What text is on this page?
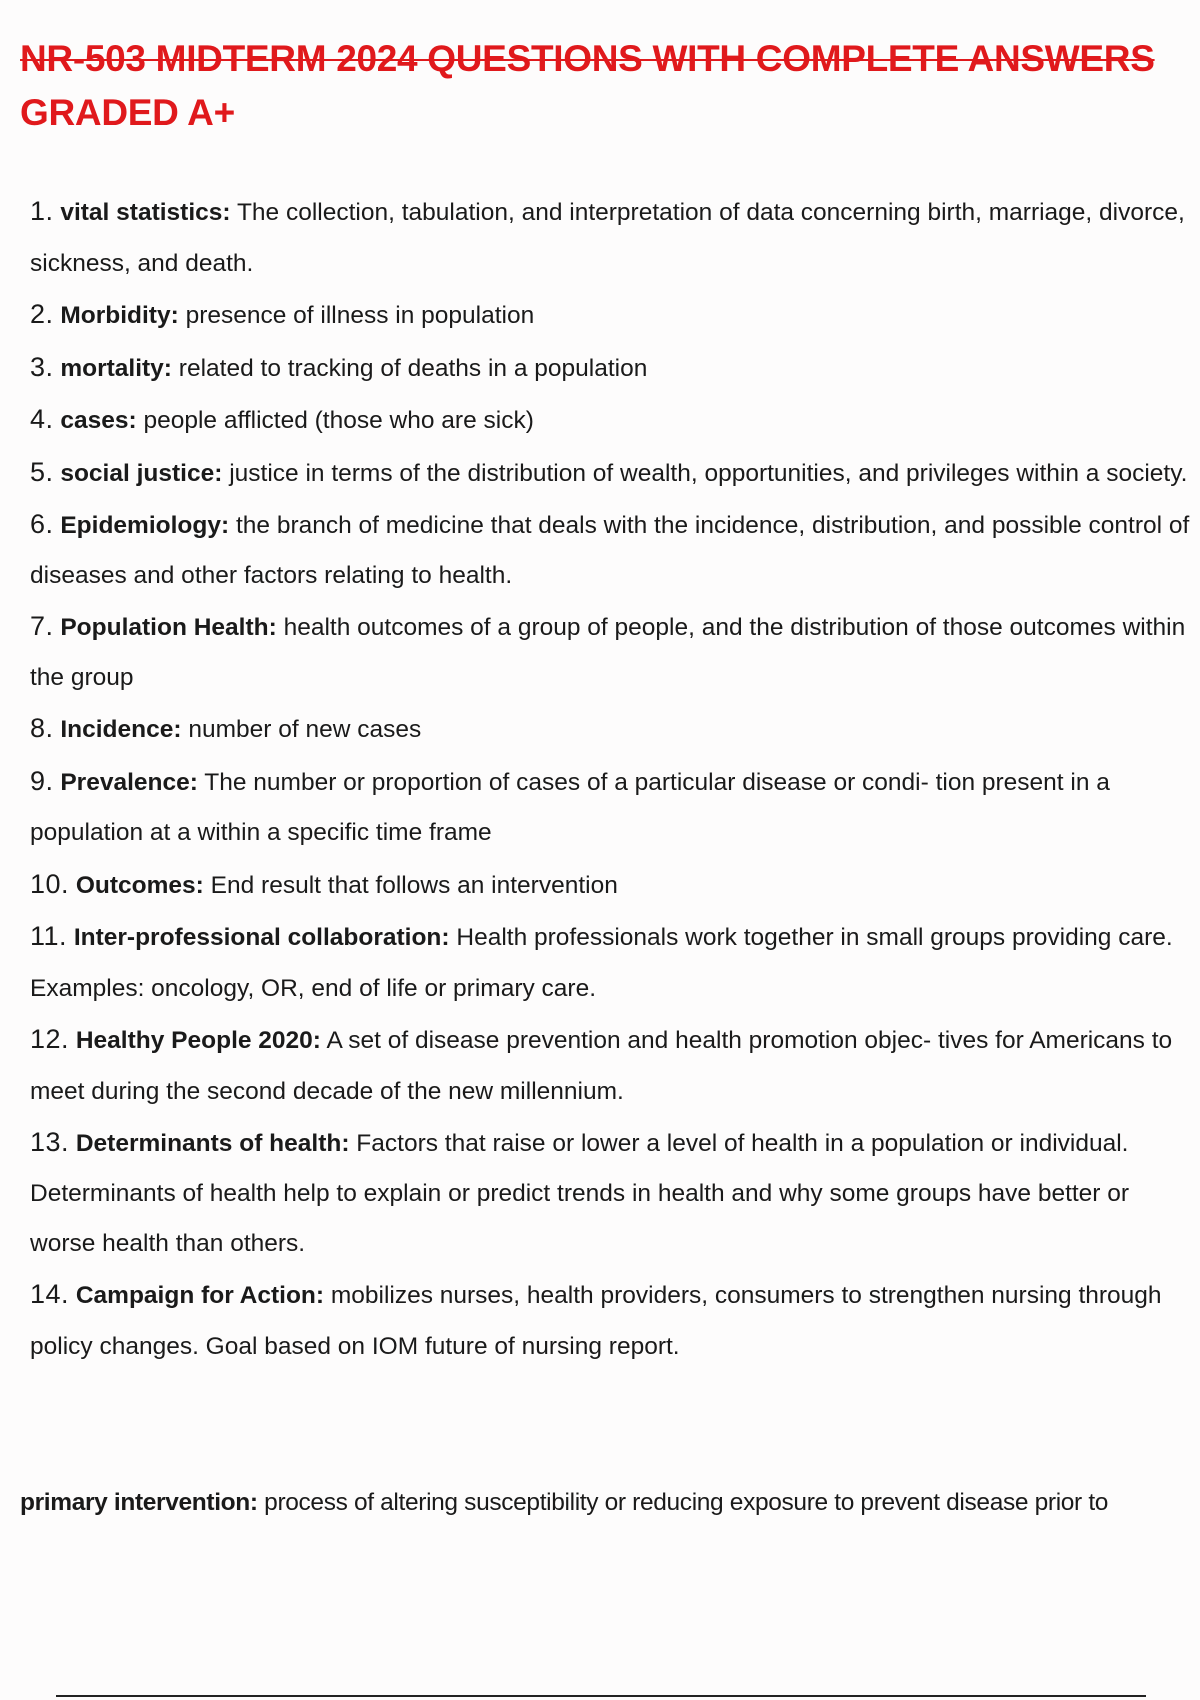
NR-503 MIDTERM 2024 QUESTIONS WITH COMPLETE ANSWERS
GRADED A+
1. vital statistics: The collection, tabulation, and interpretation of data concerning birth, marriage, divorce, sickness, and death.
2. Morbidity: presence of illness in population
3. mortality: related to tracking of deaths in a population
4. cases: people afflicted (those who are sick)
5. social justice: justice in terms of the distribution of wealth, opportunities, and privileges within a society.
6. Epidemiology: the branch of medicine that deals with the incidence, distribution, and possible control of diseases and other factors relating to health.
7. Population Health: health outcomes of a group of people, and the distribution of those outcomes within the group
8. Incidence: number of new cases
9. Prevalence: The number or proportion of cases of a particular disease or condi- tion present in a population at a within a specific time frame
10. Outcomes: End result that follows an intervention
11. Inter-professional collaboration: Health professionals work together in small groups providing care. Examples: oncology, OR, end of life or primary care.
12. Healthy People 2020: A set of disease prevention and health promotion objec- tives for Americans to meet during the second decade of the new millennium.
13. Determinants of health: Factors that raise or lower a level of health in a population or individual. Determinants of health help to explain or predict trends in health and why some groups have better or worse health than others.
14. Campaign for Action: mobilizes nurses, health providers, consumers to strengthen nursing through policy changes. Goal based on IOM future of nursing report.

primary intervention: process of altering susceptibility or reducing exposure to prevent disease prior to
